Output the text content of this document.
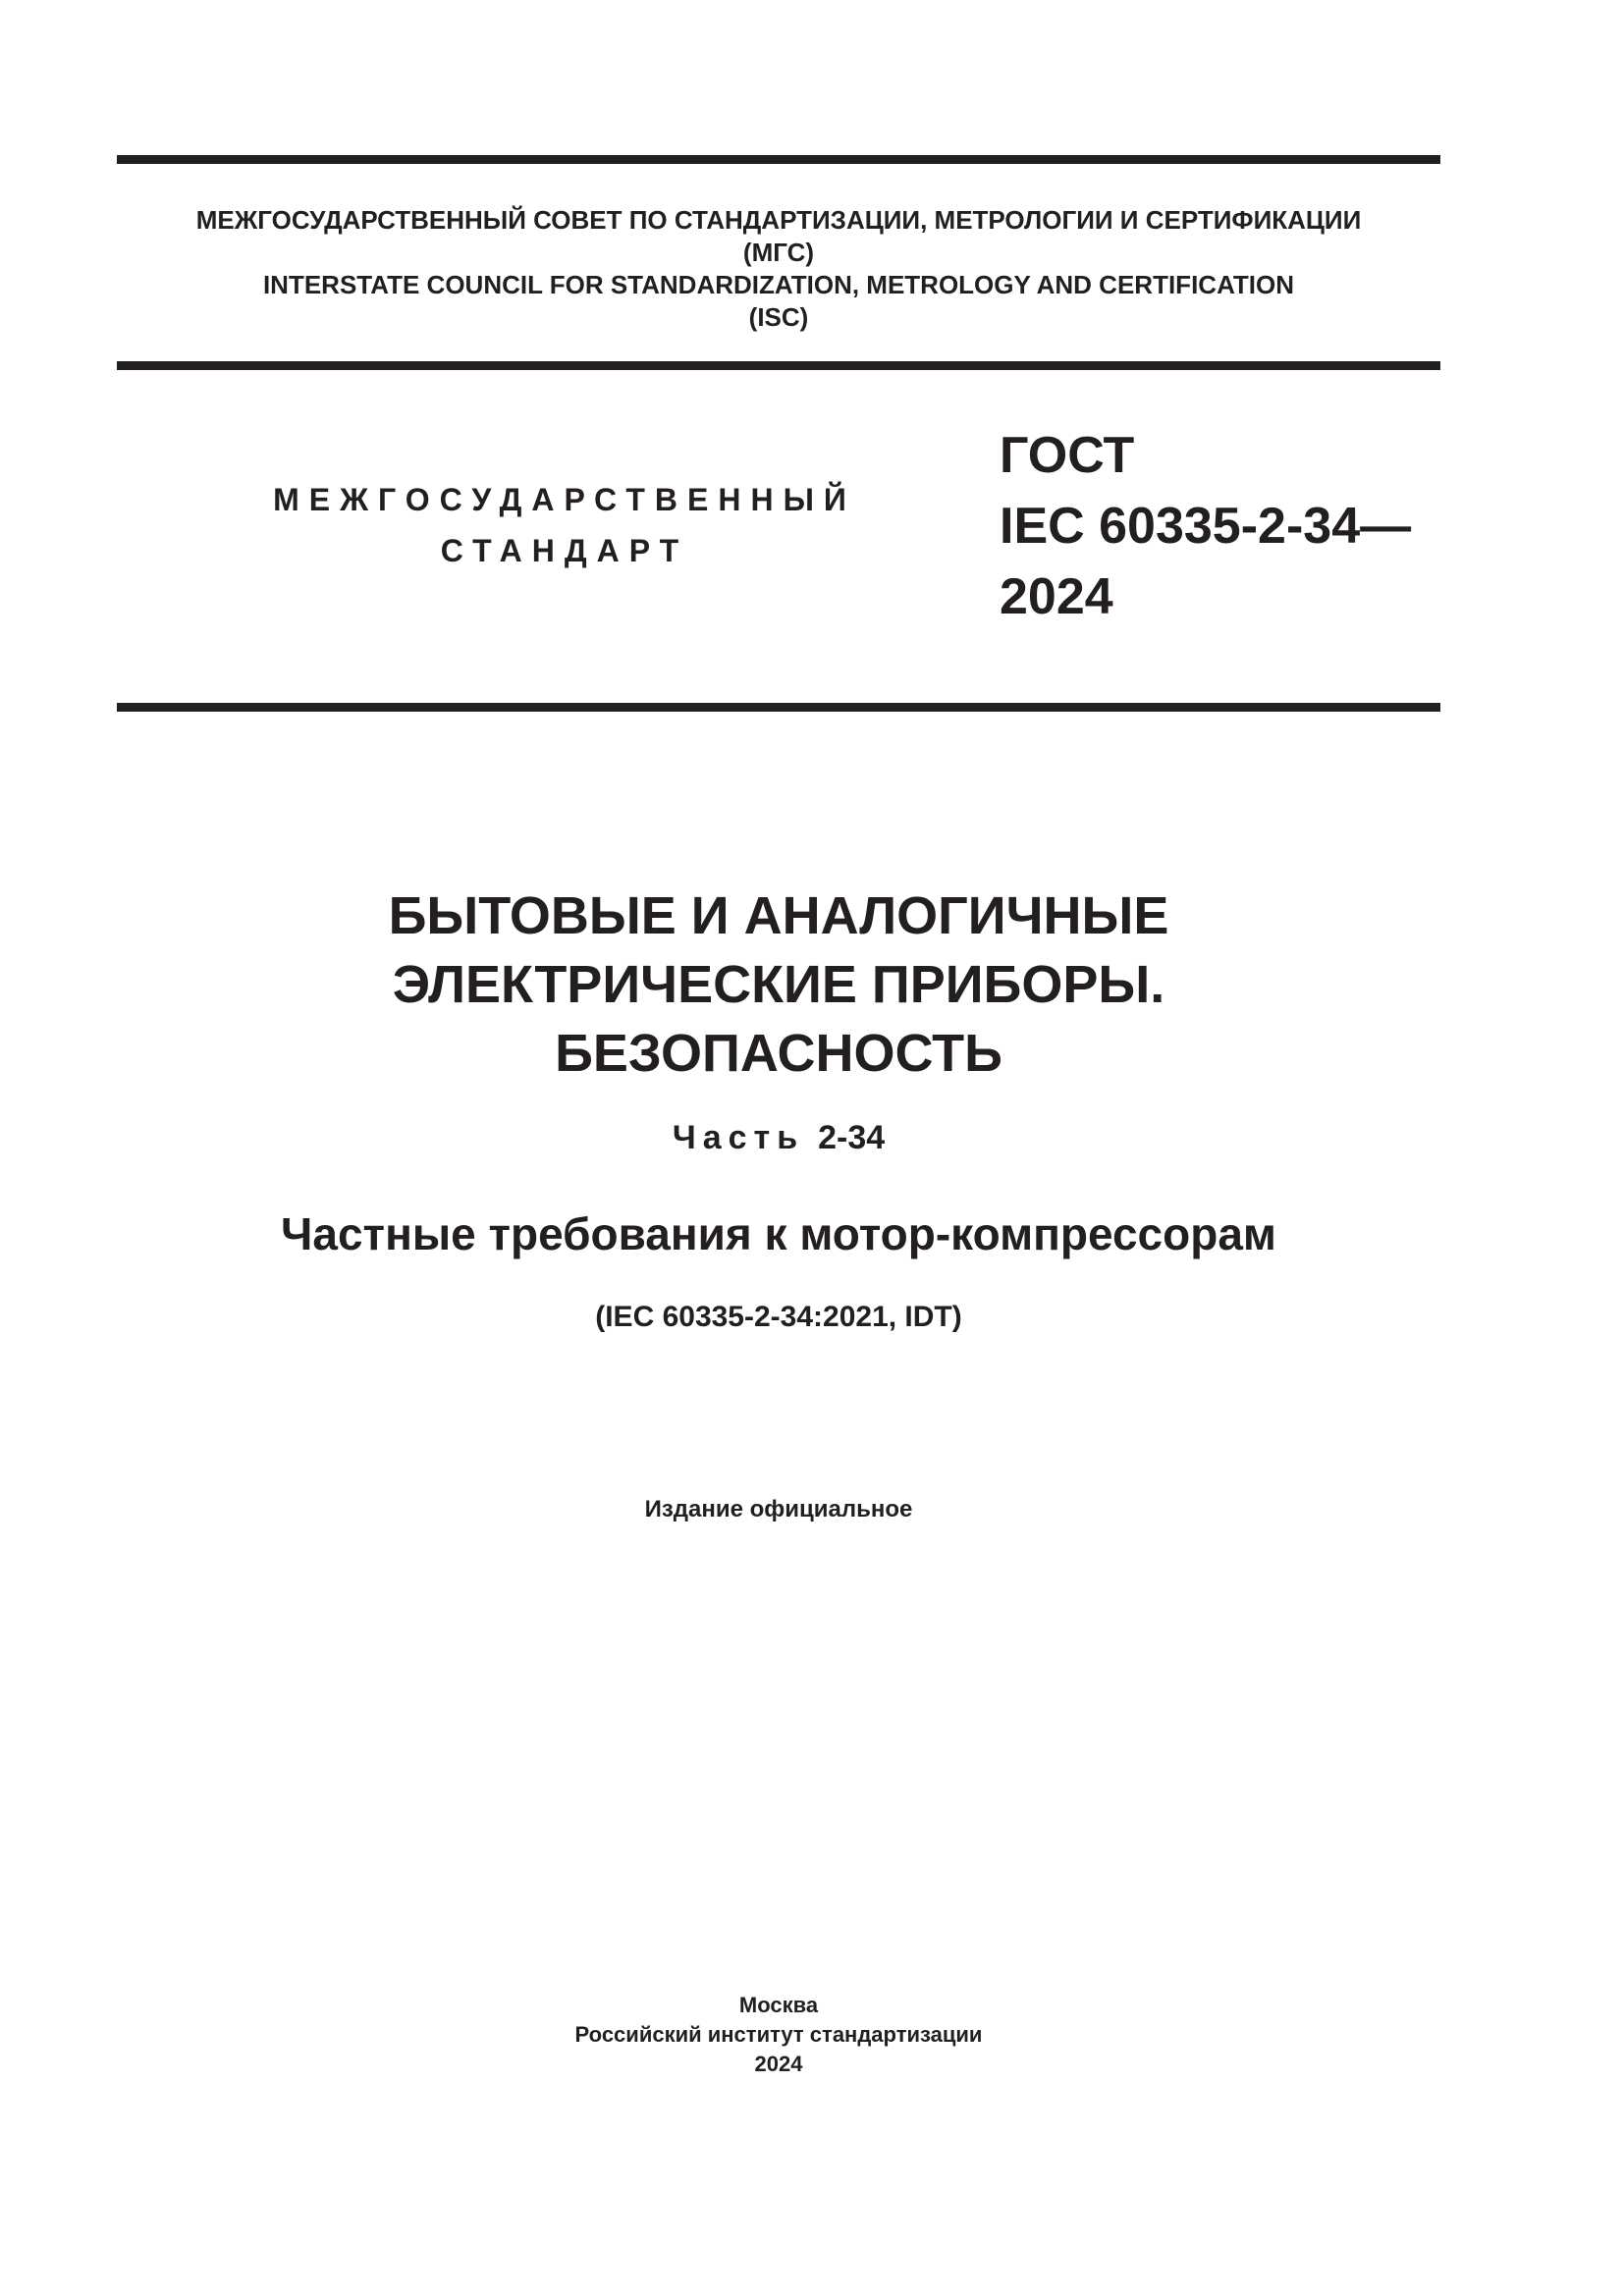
МЕЖГОСУДАРСТВЕННЫЙ СОВЕТ ПО СТАНДАРТИЗАЦИИ, МЕТРОЛОГИИ И СЕРТИФИКАЦИИ
(МГС)
INTERSTATE COUNCIL FOR STANDARDIZATION, METROLOGY AND CERTIFICATION
(ISC)
МЕЖГОСУДАРСТВЕННЫЙ
СТАНДАРТ
ГОСТ
IEC 60335-2-34—
2024
БЫТОВЫЕ И АНАЛОГИЧНЫЕ
ЭЛЕКТРИЧЕСКИЕ ПРИБОРЫ.
БЕЗОПАСНОСТЬ
Часть 2-34
Частные требования к мотор-компрессорам
(IEC 60335-2-34:2021, IDT)
Издание официальное
Москва
Российский институт стандартизации
2024
